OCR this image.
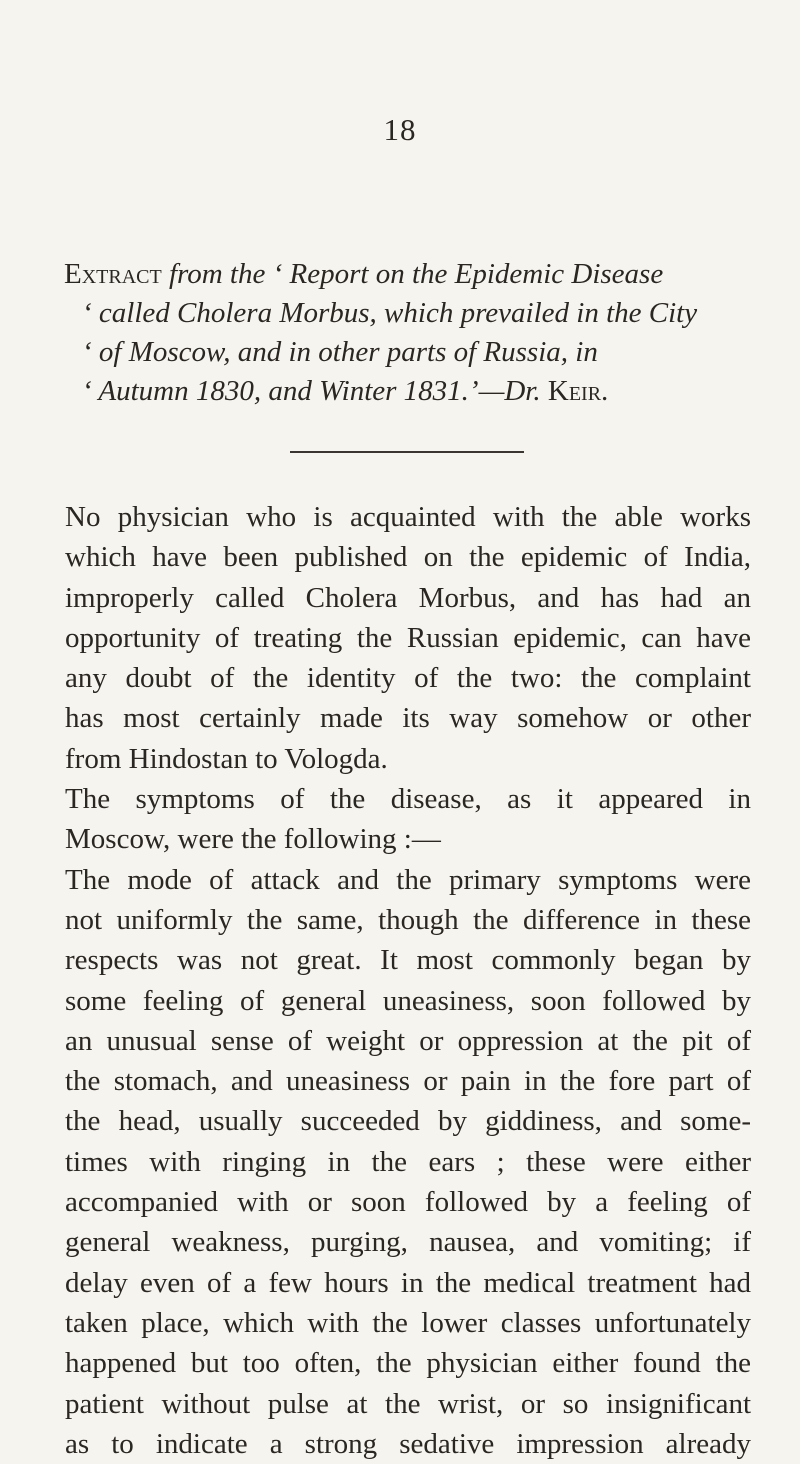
18
Extract from the ‘ Report on the Epidemic Disease
‘ called Cholera Morbus, which prevailed in the City
‘ of Moscow, and in other parts of Russia, in
‘ Autumn 1830, and Winter 1831.’—Dr. Keir.
No physician who is acquainted with the able works
which have been published on the epidemic of India,
improperly called Cholera Morbus, and has had an
opportunity of treating the Russian epidemic, can have
any doubt of the identity of the two: the complaint
has most certainly made its way somehow or other
from Hindostan to Vologda.
The symptoms of the disease, as it appeared in
Moscow, were the following :—
The mode of attack and the primary symptoms were
not uniformly the same, though the difference in these
respects was not great. It most commonly began by
some feeling of general uneasiness, soon followed by
an unusual sense of weight or oppression at the pit of
the stomach, and uneasiness or pain in the fore part of
the head, usually succeeded by giddiness, and some-
times with ringing in the ears ; these were either
accompanied with or soon followed by a feeling of
general weakness, purging, nausea, and vomiting; if
delay even of a few hours in the medical treatment had
taken place, which with the lower classes unfortunately
happened but too often, the physician either found the
patient without pulse at the wrist, or so insignificant
as to indicate a strong sedative impression already
